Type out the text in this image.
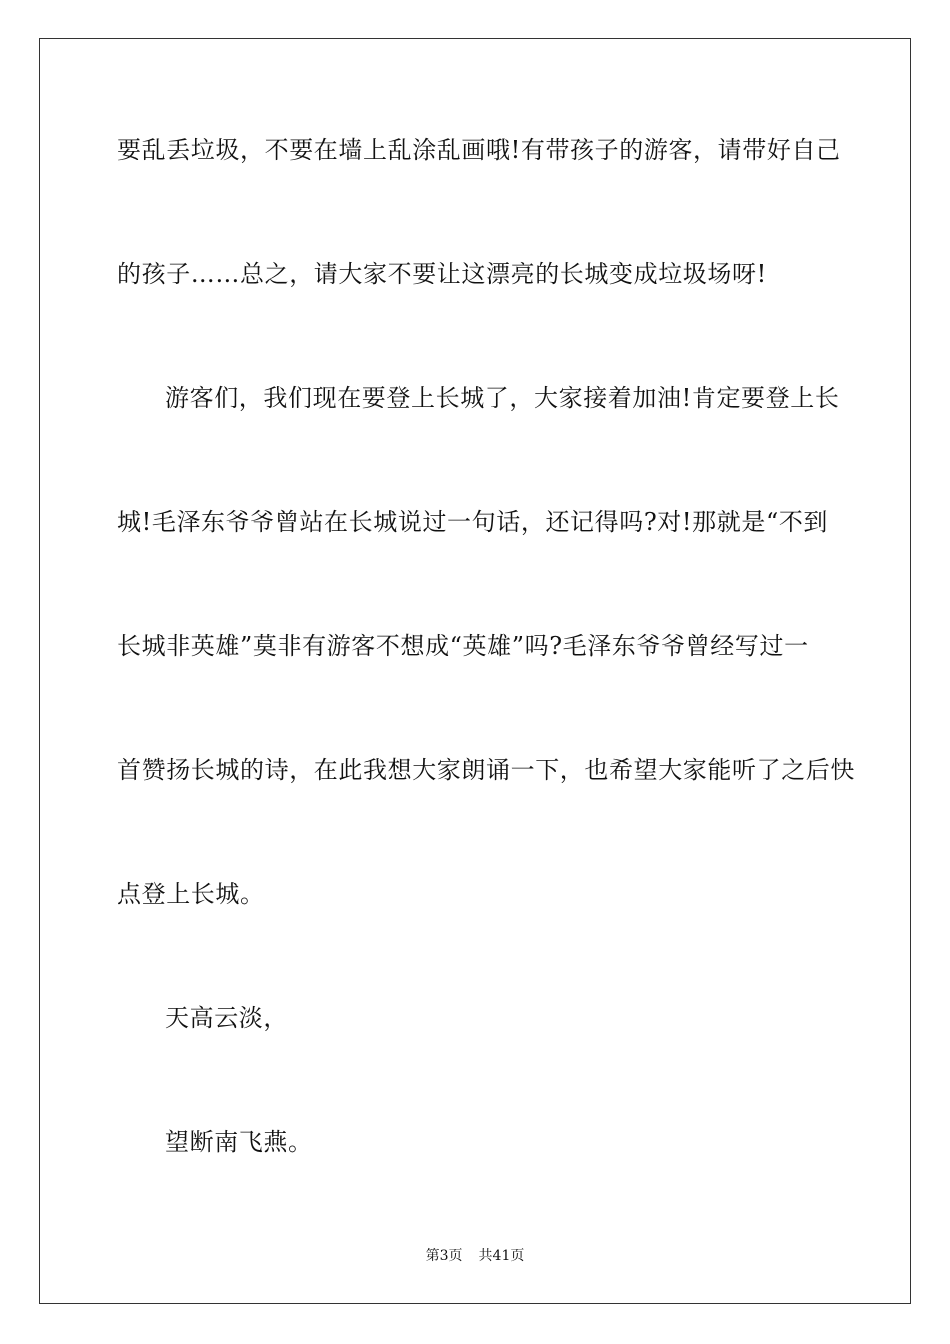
要乱丢垃圾，不要在墙上乱涂乱画哦!有带孩子的游客，请带好自己
的孩子……总之，请大家不要让这漂亮的长城变成垃圾场呀!
游客们，我们现在要登上长城了，大家接着加油!肯定要登上长
城!毛泽东爷爷曾站在长城说过一句话，还记得吗?对!那就是“不到
长城非英雄”莫非有游客不想成“英雄”吗?毛泽东爷爷曾经写过一
首赞扬长城的诗，在此我想大家朗诵一下，也希望大家能听了之后快
点登上长城。
天高云淡，
望断南飞燕。
第3页 共41页
